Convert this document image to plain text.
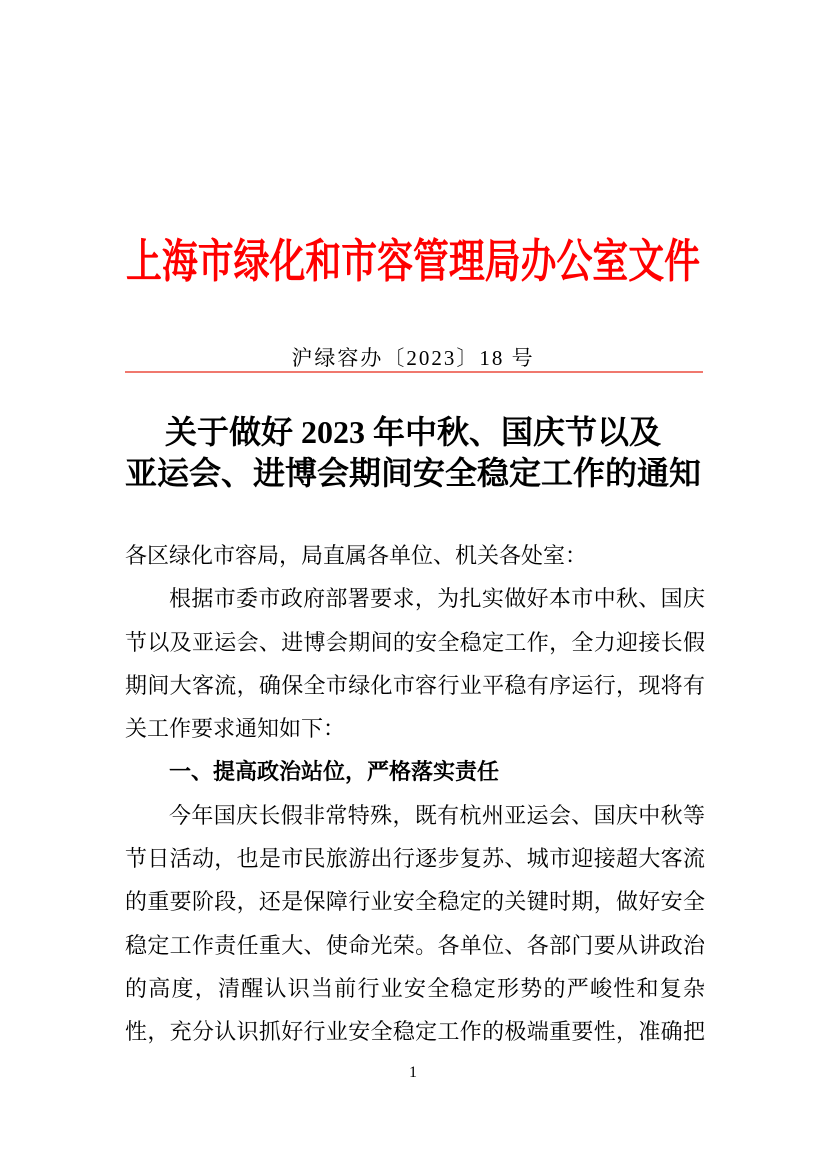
上海市绿化和市容管理局办公室文件
沪绿容办〔2023〕18 号
关于做好 2023 年中秋、国庆节以及
亚运会、进博会期间安全稳定工作的通知
各区绿化市容局，局直属各单位、机关各处室：
根据市委市政府部署要求，为扎实做好本市中秋、国庆
节以及亚运会、进博会期间的安全稳定工作，全力迎接长假
期间大客流，确保全市绿化市容行业平稳有序运行，现将有
关工作要求通知如下：
一、提高政治站位，严格落实责任
今年国庆长假非常特殊，既有杭州亚运会、国庆中秋等
节日活动，也是市民旅游出行逐步复苏、城市迎接超大客流
的重要阶段，还是保障行业安全稳定的关键时期，做好安全
稳定工作责任重大、使命光荣。各单位、各部门要从讲政治
的高度，清醒认识当前行业安全稳定形势的严峻性和复杂
性，充分认识抓好行业安全稳定工作的极端重要性，准确把
1
